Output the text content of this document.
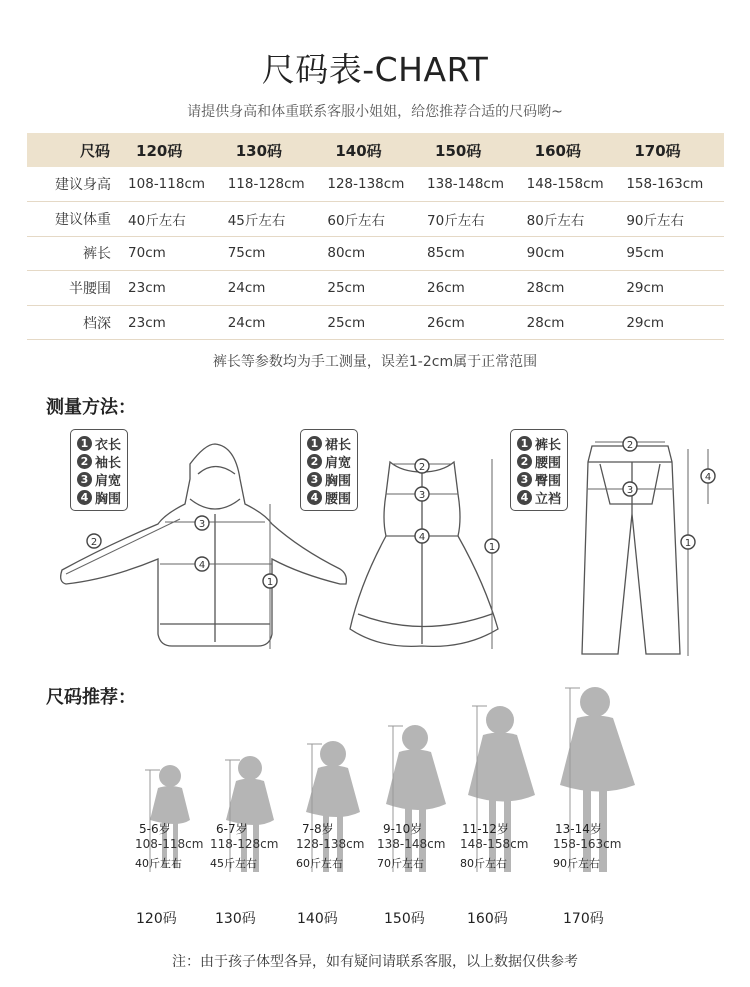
尺码表-CHART
请提供身高和体重联系客服小姐姐，给您推荐合适的尺码哟~
尺码	120码	130码	140码	150码	160码	170码
建议身高	108-118cm	118-128cm	128-138cm	138-148cm	148-158cm	158-163cm
建议体重	40斤左右	45斤左右	60斤左右	70斤左右	80斤左右	90斤左右
裤长	70cm	75cm	80cm	85cm	90cm	95cm
半腰围	23cm	24cm	25cm	26cm	28cm	29cm
档深	23cm	24cm	25cm	26cm	28cm	29cm
裤长等参数均为手工测量，误差1-2cm属于正常范围
测量方法：
1
2
3
4
1
2
3
4
1
2
3
4
1 衣长
2 袖长
3 肩宽
4 胸围
1 裙长
2 肩宽
3 胸围
4 腰围
1 裤长
2 腰围
3 臀围
4 立裆
尺码推荐：
5-6岁
108-118cm
40斤左右
6-7岁
118-128cm
45斤左右
7-8岁
128-138cm
60斤左右
9-10岁
138-148cm
70斤左右
11-12岁
148-158cm
80斤左右
13-14岁
158-163cm
90斤左右
120码	130码	140码	150码	160码	170码
注：由于孩子体型各异，如有疑问请联系客服，以上数据仅供参考
